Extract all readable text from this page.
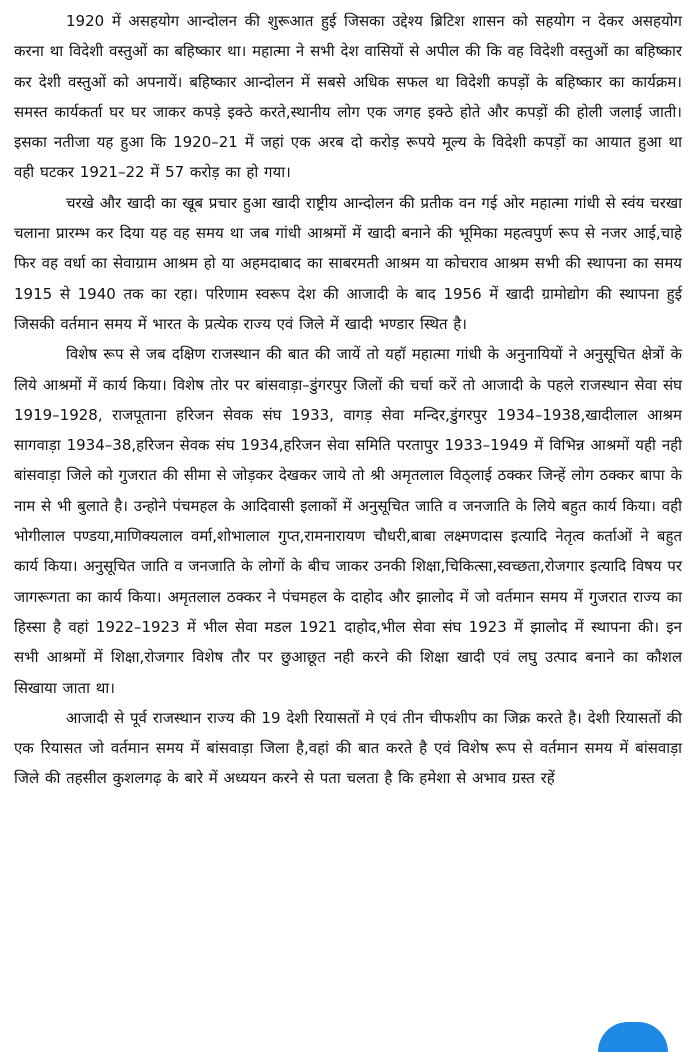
1920 में असहयोग आन्दोलन की शुरूआत हुई जिसका उद्देश्य ब्रिटिश शासन को सहयोग न देकर असहयोग करना था विदेशी वस्तुओं का बहिष्कार था। महात्मा ने सभी देश वासियों से अपील की कि वह विदेशी वस्तुओं का बहिष्कार कर देशी वस्तुओं को अपनायें। बहिष्कार आन्दोलन में सबसे अधिक सफल था विदेशी कपड़ों के बहिष्कार का कार्यक्रम। समस्त कार्यकर्ता घर घर जाकर कपड़े इक्ठे करते,स्थानीय लोग एक जगह इक्ठे होते और कपड़ों की होली जलाई जाती। इसका नतीजा यह हुआ कि 1920–21 में जहां एक अरब दो करोड़ रूपये मूल्य के विदेशी कपड़ों का आयात हुआ था वही घटकर 1921–22 में 57 करोड़ का हो गया।

चरखे और खादी का खूब प्रचार हुआ खादी राष्ट्रीय आन्दोलन की प्रतीक वन गई ओर महात्मा गांधी से स्वंय चरखा चलाना प्रारम्भ कर दिया यह वह समय था जब गांधी आश्रमों में खादी बनाने की भूमिका महत्वपुर्ण रूप से नजर आई,चाहे फिर वह वर्धा का सेवाग्राम आश्रम हो या अहमदाबाद का साबरमती आश्रम या कोचराव आश्रम सभी की स्थापना का समय 1915 से 1940 तक का रहा। परिणाम स्वरूप देश की आजादी के बाद 1956 में खादी ग्रामोद्योग की स्थापना हुई जिसकी वर्तमान समय में भारत के प्रत्येक राज्य एवं जिले में खादी भण्डार स्थित है।

विशेष रूप से जब दक्षिण राजस्थान की बात की जायें तो यहॉ महात्मा गांधी के अनुनायियों ने अनुसूचित क्षेत्रों के लिये आश्रमों में कार्य किया। विशेष तोर पर बांसवाड़ा–डुंगरपुर जिलों की चर्चा करें तो आजादी के पहले राजस्थान सेवा संघ 1919–1928, राजपूताना हरिजन सेवक संघ 1933, वागड़ सेवा मन्दिर,डुंगरपुर 1934–1938,खादीलाल आश्रम सागवाड़ा 1934–38,हरिजन सेवक संघ 1934,हरिजन सेवा समिति परतापुर 1933–1949 में विभिन्न आश्रमों यही नही बांसवाड़ा जिले को गुजरात की सीमा से जोड़कर देखकर जाये तो श्री अमृतलाल विठ्लाई ठक्कर जिन्हें लोग ठक्कर बापा के नाम से भी बुलाते है। उन्होने पंचमहल के आदिवासी इलाकों में अनुसूचित जाति व जनजाति के लिये बहुत कार्य किया। वही भोगीलाल पण्डया,माणिक्यलाल वर्मा,शोभालाल गुप्त,रामनारायण चौधरी,बाबा लक्ष्मणदास इत्यादि नेतृत्व कर्ताओं ने बहुत कार्य किया। अनुसूचित जाति व जनजाति के लोगों के बीच जाकर उनकी शिक्षा,चिकित्सा,स्वच्छता,रोजगार इत्यादि विषय पर जागरूगता का कार्य किया। अमृतलाल ठक्कर ने पंचमहल के दाहोद और झालोद में जो वर्तमान समय में गुजरात राज्य का हिस्सा है वहां 1922–1923 में भील सेवा मडल 1921 दाहोद,भील सेवा संघ 1923 में झालोद में स्थापना की। इन सभी आश्रमों में शिक्षा,रोजगार विशेष तौर पर छुआछूत नही करने की शिक्षा खादी एवं लघु उत्पाद बनाने का कौशल सिखाया जाता था।

आजादी से पूर्व राजस्थान राज्य की 19 देशी रियासतों मे एवं तीन चीफशीप का जिक्र करते है। देशी रियासतों की एक रियासत जो वर्तमान समय में बांसवाड़ा जिला है,वहां की बात करते है एवं विशेष रूप से वर्तमान समय में बांसवाड़ा जिले की तहसील कुशलगढ़ के बारे में अध्ययन करने से पता चलता है कि हमेशा से अभाव ग्रस्त रहें
